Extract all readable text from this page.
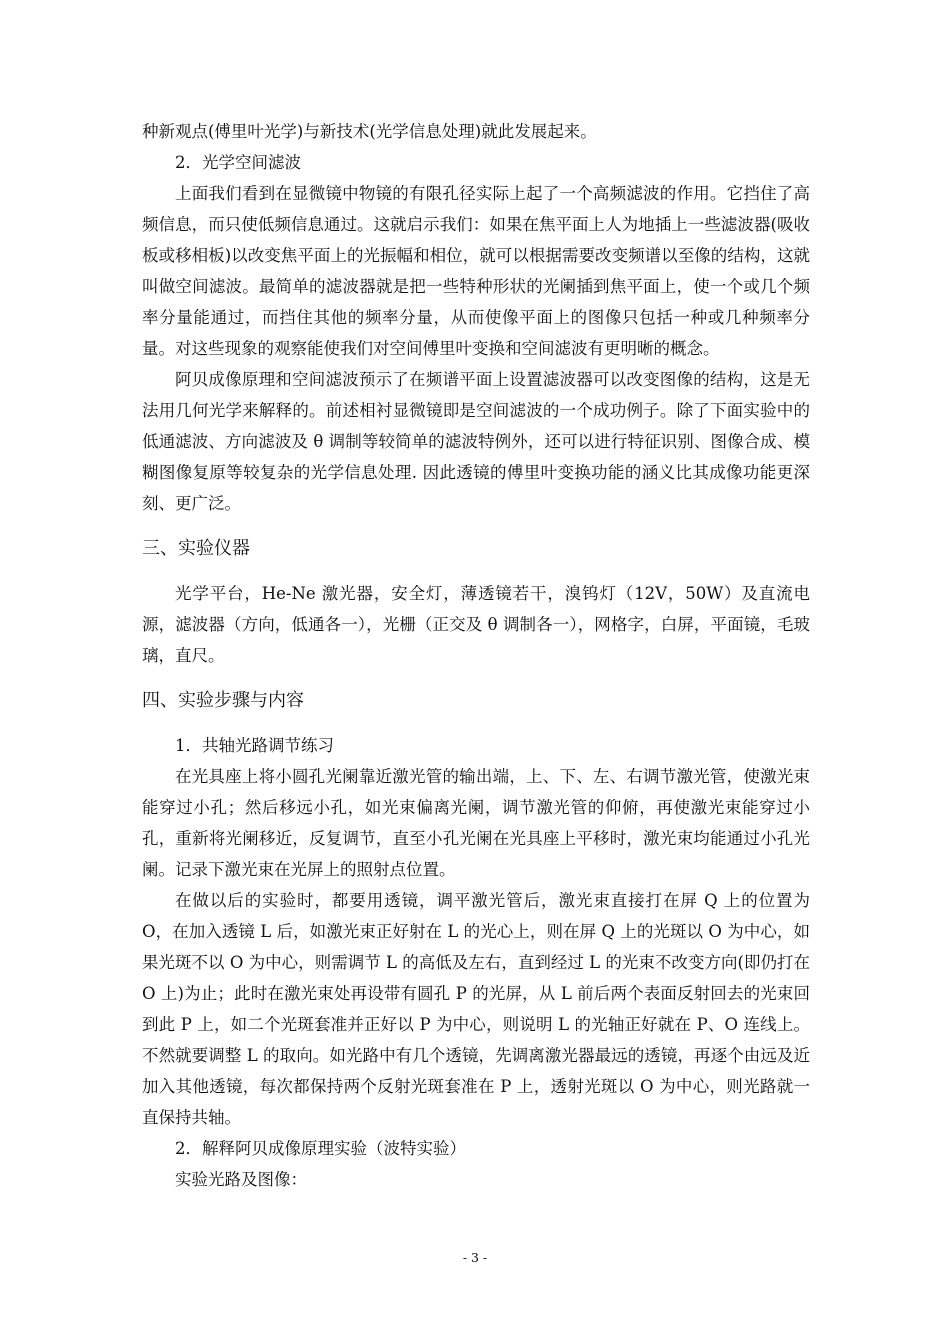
种新观点(傅里叶光学)与新技术(光学信息处理)就此发展起来。

2．光学空间滤波

上面我们看到在显微镜中物镜的有限孔径实际上起了一个高频滤波的作用。它挡住了高频信息，而只使低频信息通过。这就启示我们：如果在焦平面上人为地插上一些滤波器(吸收板或移相板)以改变焦平面上的光振幅和相位，就可以根据需要改变频谱以至像的结构，这就叫做空间滤波。最简单的滤波器就是把一些特种形状的光阑插到焦平面上，使一个或几个频率分量能通过，而挡住其他的频率分量，从而使像平面上的图像只包括一种或几种频率分量。对这些现象的观察能使我们对空间傅里叶变换和空间滤波有更明晰的概念。

阿贝成像原理和空间滤波预示了在频谱平面上设置滤波器可以改变图像的结构，这是无法用几何光学来解释的。前述相衬显微镜即是空间滤波的一个成功例子。除了下面实验中的低通滤波、方向滤波及 θ 调制等较简单的滤波特例外，还可以进行特征识别、图像合成、模糊图像复原等较复杂的光学信息处理. 因此透镜的傅里叶变换功能的涵义比其成像功能更深刻、更广泛。

三、实验仪器

光学平台，He-Ne 激光器，安全灯，薄透镜若干，溴钨灯（12V，50W）及直流电源，滤波器（方向，低通各一），光栅（正交及 θ 调制各一），网格字，白屏，平面镜，毛玻璃，直尺。

四、实验步骤与内容

1．共轴光路调节练习

在光具座上将小圆孔光阑靠近激光管的输出端，上、下、左、右调节激光管，使激光束能穿过小孔；然后移远小孔，如光束偏离光阑，调节激光管的仰俯，再使激光束能穿过小孔，重新将光阑移近，反复调节，直至小孔光阑在光具座上平移时，激光束均能通过小孔光阑。记录下激光束在光屏上的照射点位置。

在做以后的实验时，都要用透镜，调平激光管后，激光束直接打在屏 Q 上的位置为 O，在加入透镜 L 后，如激光束正好射在 L 的光心上，则在屏 Q 上的光斑以 O 为中心，如果光斑不以 O 为中心，则需调节 L 的高低及左右，直到经过 L 的光束不改变方向(即仍打在 O 上)为止；此时在激光束处再设带有圆孔 P 的光屏，从 L 前后两个表面反射回去的光束回到此 P 上，如二个光斑套准并正好以 P 为中心，则说明 L 的光轴正好就在 P、O 连线上。不然就要调整 L 的取向。如光路中有几个透镜，先调离激光器最远的透镜，再逐个由远及近加入其他透镜，每次都保持两个反射光斑套准在 P 上，透射光斑以 O 为中心，则光路就一直保持共轴。

2．解释阿贝成像原理实验（波特实验）

实验光路及图像：

- 3 -
